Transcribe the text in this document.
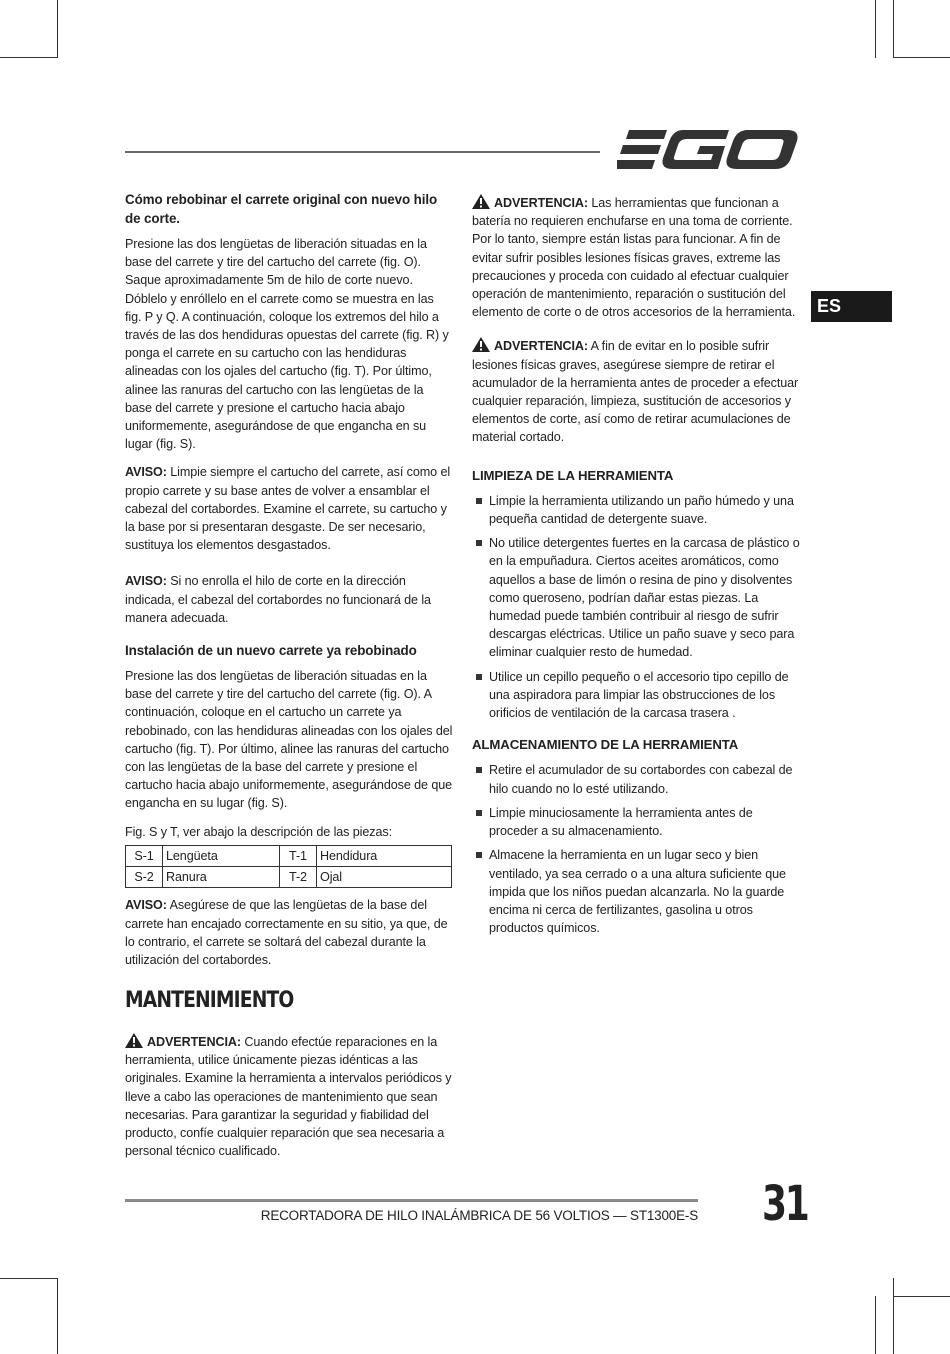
ES
Cómo rebobinar el carrete original con nuevo hilo de corte.

Presione las dos lengüetas de liberación situadas en la base del carrete y tire del cartucho del carrete (fig. O). Saque aproximadamente 5m de hilo de corte nuevo. Dóblelo y enróllelo en el carrete como se muestra en las fig. P y Q. A continuación, coloque los extremos del hilo a través de las dos hendiduras opuestas del carrete (fig. R) y ponga el carrete en su cartucho con las hendiduras alineadas con los ojales del cartucho (fig. T). Por último, alinee las ranuras del cartucho con las lengüetas de la base del carrete y presione el cartucho hacia abajo uniformemente, asegurándose de que engancha en su lugar (fig. S).

AVISO: Limpie siempre el cartucho del carrete, así como el propio carrete y su base antes de volver a ensamblar el cabezal del cortabordes. Examine el carrete, su cartucho y la base por si presentaran desgaste. De ser necesario, sustituya los elementos desgastados.

AVISO: Si no enrolla el hilo de corte en la dirección indicada, el cabezal del cortabordes no funcionará de la manera adecuada.

Instalación de un nuevo carrete ya rebobinado

Presione las dos lengüetas de liberación situadas en la base del carrete y tire del cartucho del carrete (fig. O). A continuación, coloque en el cartucho un carrete ya rebobinado, con las hendiduras alineadas con los ojales del cartucho (fig. T). Por último, alinee las ranuras del cartucho con las lengüetas de la base del carrete y presione el cartucho hacia abajo uniformemente, asegurándose de que engancha en su lugar (fig. S).

Fig. S y T, ver abajo la descripción de las piezas:

S-1	Lengüeta	T-1	Hendidura
S-2	Ranura	T-2	Ojal

AVISO: Asegúrese de que las lengüetas de la base del carrete han encajado correctamente en su sitio, ya que, de lo contrario, el carrete se soltará del cabezal durante la utilización del cortabordes.

MANTENIMIENTO

ADVERTENCIA: Cuando efectúe reparaciones en la herramienta, utilice únicamente piezas idénticas a las originales. Examine la herramienta a intervalos periódicos y lleve a cabo las operaciones de mantenimiento que sean necesarias. Para garantizar la seguridad y fiabilidad del producto, confíe cualquier reparación que sea necesaria a personal técnico cualificado.

ADVERTENCIA: Las herramientas que funcionan a batería no requieren enchufarse en una toma de corriente. Por lo tanto, siempre están listas para funcionar. A fin de evitar sufrir posibles lesiones físicas graves, extreme las precauciones y proceda con cuidado al efectuar cualquier operación de mantenimiento, reparación o sustitución del elemento de corte o de otros accesorios de la herramienta.

ADVERTENCIA: A fin de evitar en lo posible sufrir lesiones físicas graves, asegúrese siempre de retirar el acumulador de la herramienta antes de proceder a efectuar cualquier reparación, limpieza, sustitución de accesorios y elementos de corte, así como de retirar acumulaciones de material cortado.

LIMPIEZA DE LA HERRAMIENTA
Limpie la herramienta utilizando un paño húmedo y una pequeña cantidad de detergente suave.
No utilice detergentes fuertes en la carcasa de plástico o en la empuñadura. Ciertos aceites aromáticos, como aquellos a base de limón o resina de pino y disolventes como queroseno, podrían dañar estas piezas. La humedad puede también contribuir al riesgo de sufrir descargas eléctricas. Utilice un paño suave y seco para eliminar cualquier resto de humedad.
Utilice un cepillo pequeño o el accesorio tipo cepillo de una aspiradora para limpiar las obstrucciones de los orificios de ventilación de la carcasa trasera .
ALMACENAMIENTO DE LA HERRAMIENTA
Retire el acumulador de su cortabordes con cabezal de hilo cuando no lo esté utilizando.
Limpie minuciosamente la herramienta antes de proceder a su almacenamiento.
Almacene la herramienta en un lugar seco y bien ventilado, ya sea cerrado o a una altura suficiente que impida que los niños puedan alcanzarla. No la guarde encima ni cerca de fertilizantes, gasolina u otros productos químicos.
RECORTADORA DE HILO INALÁMBRICA DE 56 VOLTIOS — ST1300E-S 31
